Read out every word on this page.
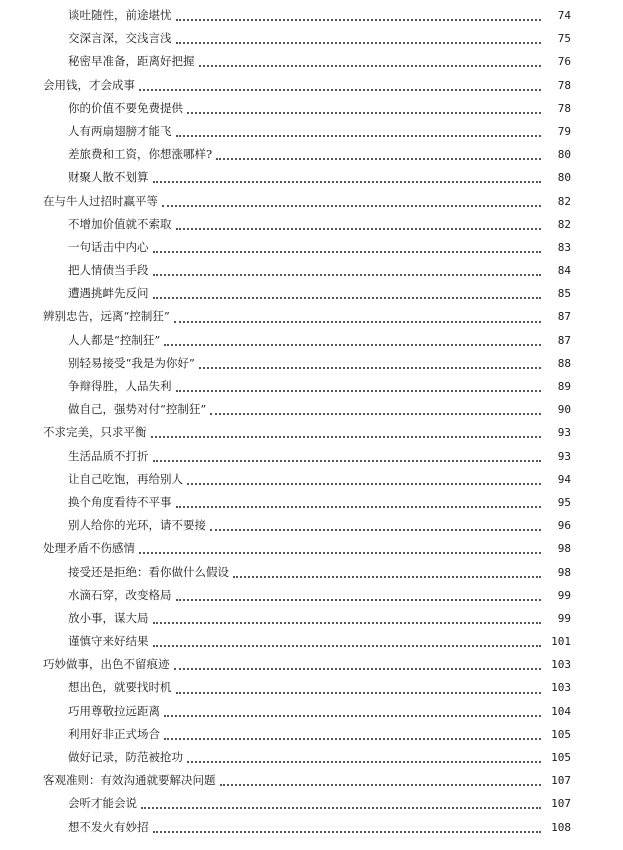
谈吐随性，前途堪忧	74
交深言深，交浅言浅	75
秘密早准备，距离好把握	76
会用钱，才会成事	78
你的价值不要免费提供	78
人有两扇翅膀才能飞	79
差旅费和工资，你想涨哪样?	80
财聚人散不划算	80
在与牛人过招时赢平等	82
不增加价值就不索取	82
一句话击中内心	83
把人情债当手段	84
遭遇挑衅先反问	85
辨别忠告，远离“控制狂”	87
人人都是“控制狂”	87
别轻易接受“我是为你好”	88
争辩得胜，人品失利	89
做自己，强势对付“控制狂”	90
不求完美，只求平衡	93
生活品质不打折	93
让自己吃饱，再给别人	94
换个角度看待不平事	95
别人给你的光环，请不要接	96
处理矛盾不伤感情	98
接受还是拒绝：看你做什么假设	98
水滴石穿，改变格局	99
放小事，谋大局	99
谨慎守来好结果	101
巧妙做事，出色不留痕迹	103
想出色，就要找时机	103
巧用尊敬拉远距离	104
利用好非正式场合	105
做好记录，防范被抢功	105
客观准则：有效沟通就要解决问题	107
会听才能会说	107
想不发火有妙招	108
